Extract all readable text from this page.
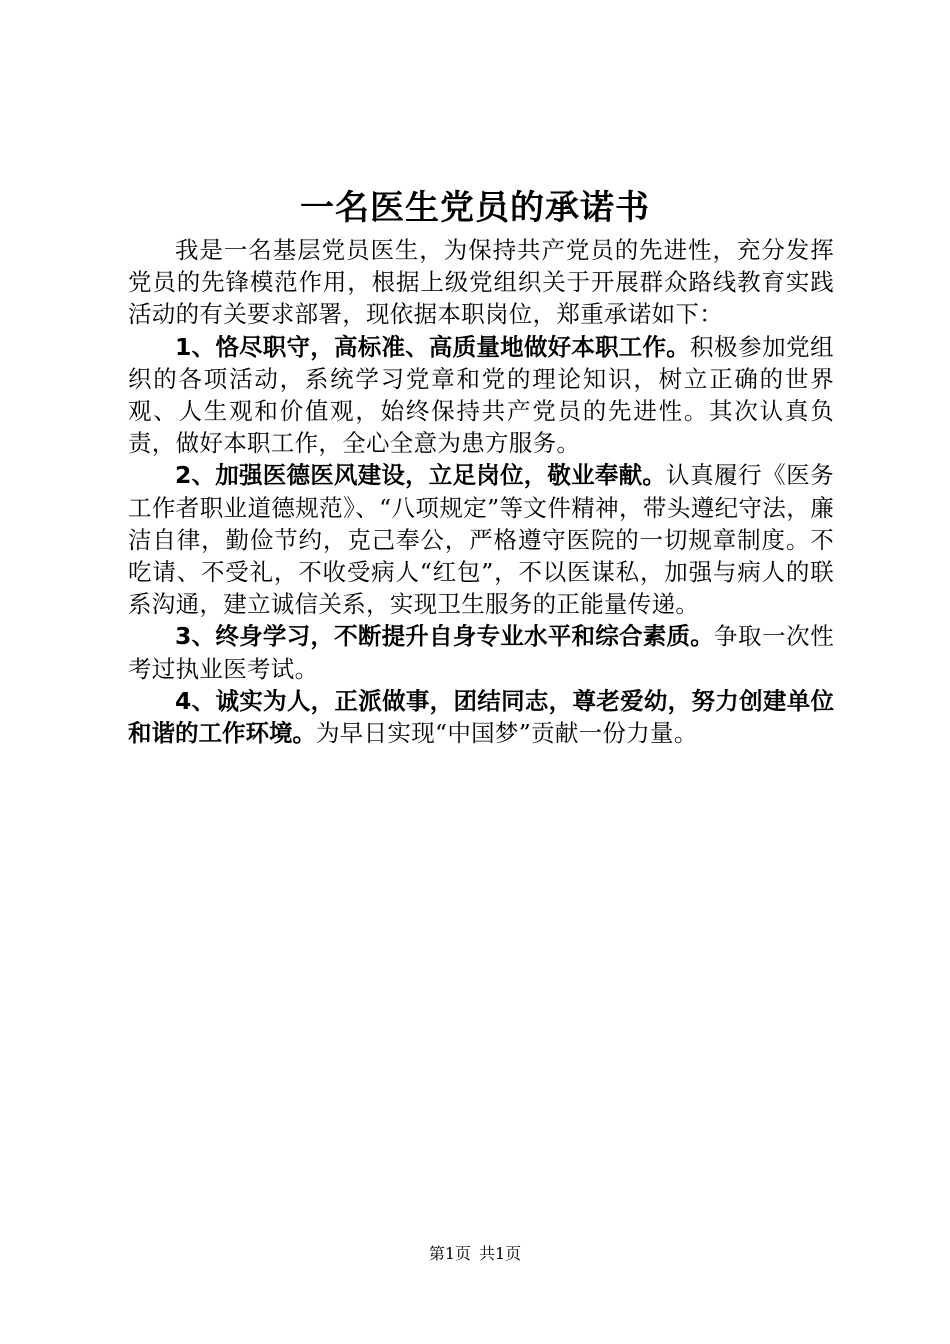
一名医生党员的承诺书

我是一名基层党员医生，为保持共产党员的先进性，充分发挥党员的先锋模范作用，根据上级党组织关于开展群众路线教育实践活动的有关要求部署，现依据本职岗位，郑重承诺如下：

1、恪尽职守，高标准、高质量地做好本职工作。积极参加党组织的各项活动，系统学习党章和党的理论知识，树立正确的世界观、人生观和价值观，始终保持共产党员的先进性。其次认真负责，做好本职工作，全心全意为患方服务。

2、加强医德医风建设，立足岗位，敬业奉献。认真履行《医务工作者职业道德规范》、“八项规定”等文件精神，带头遵纪守法，廉洁自律，勤俭节约，克己奉公，严格遵守医院的一切规章制度。不吃请、不受礼，不收受病人“红包”，不以医谋私，加强与病人的联系沟通，建立诚信关系，实现卫生服务的正能量传递。

3、终身学习，不断提升自身专业水平和综合素质。争取一次性考过执业医考试。

4、诚实为人，正派做事，团结同志，尊老爱幼，努力创建单位和谐的工作环境。为早日实现“中国梦”贡献一份力量。

第1页 共1页
